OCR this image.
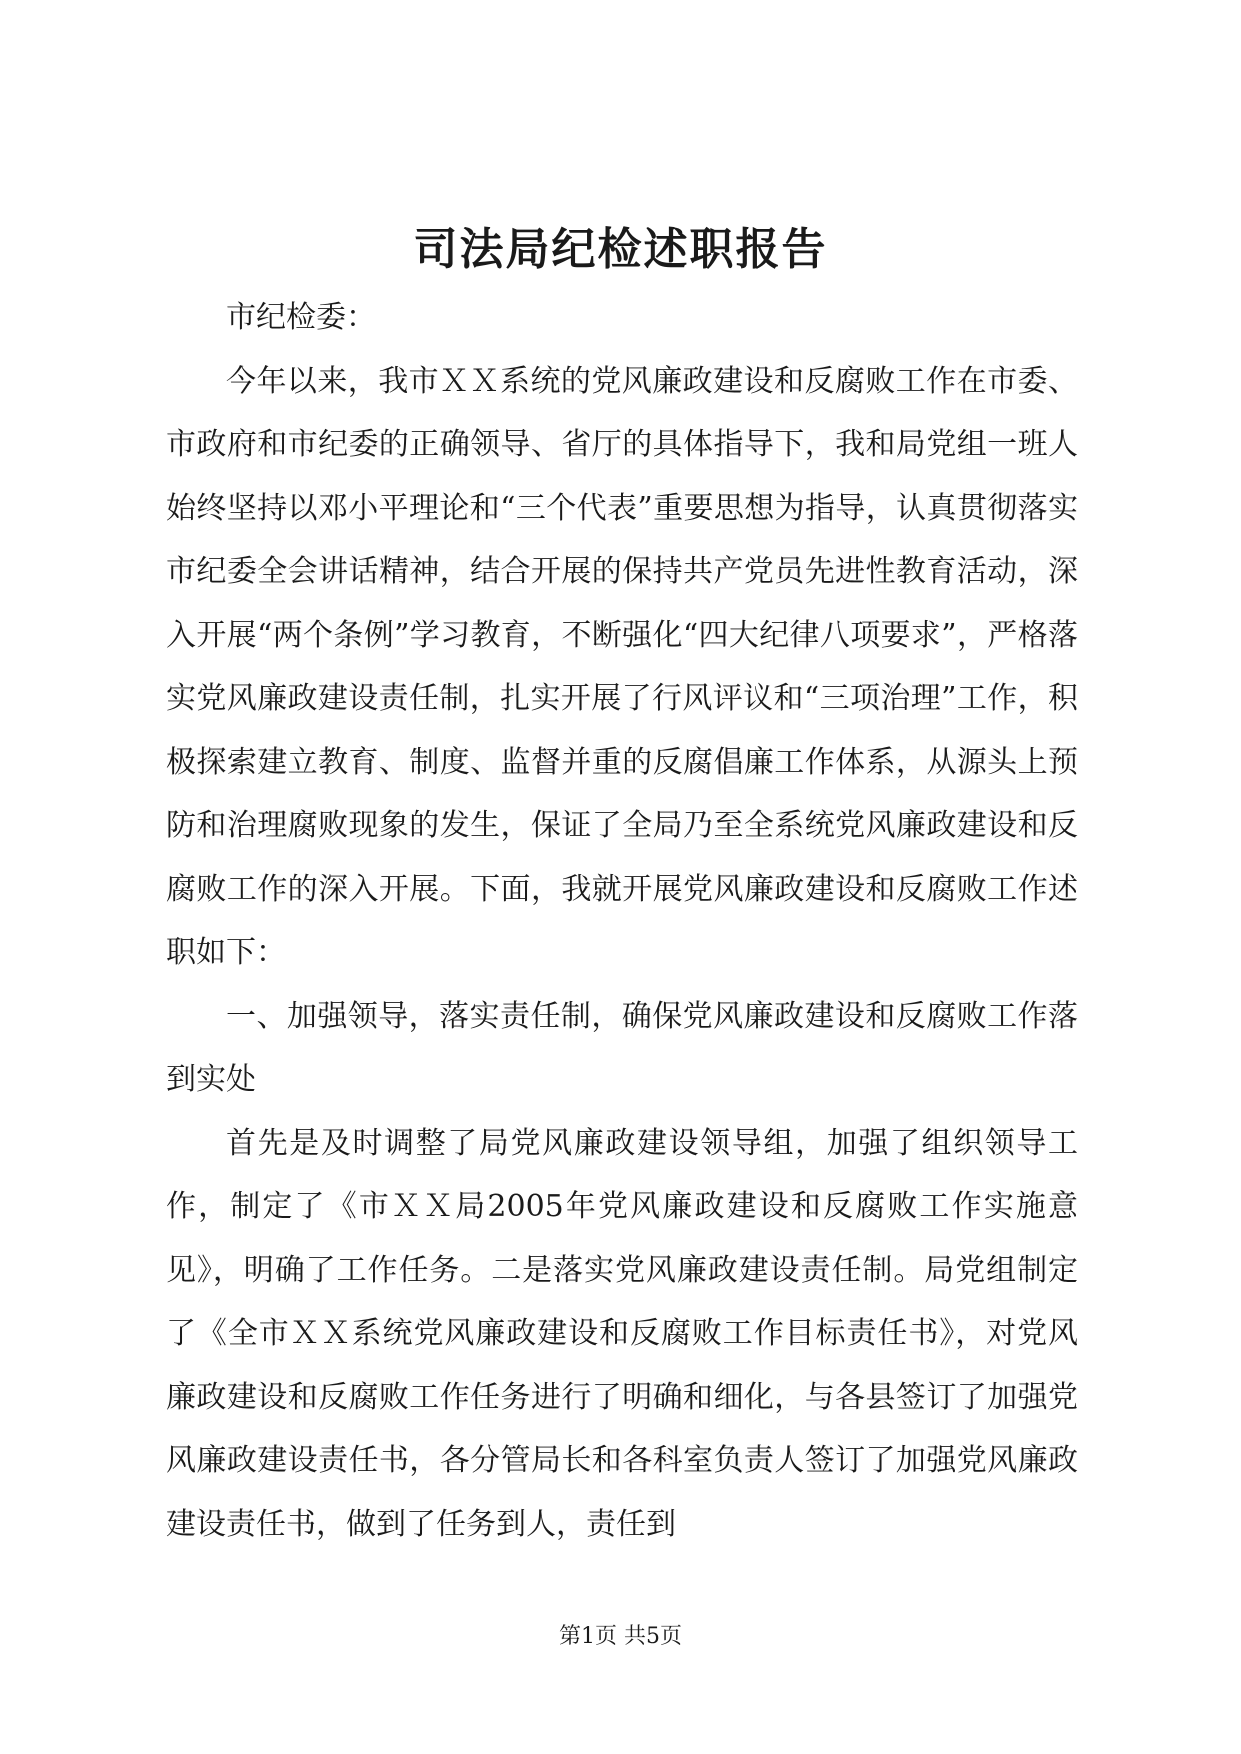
司法局纪检述职报告

市纪检委：

今年以来，我市ＸＸ系统的党风廉政建设和反腐败工作在市委、市政府和市纪委的正确领导、省厅的具体指导下，我和局党组一班人始终坚持以邓小平理论和“三个代表”重要思想为指导，认真贯彻落实市纪委全会讲话精神，结合开展的保持共产党员先进性教育活动，深入开展“两个条例”学习教育，不断强化“四大纪律八项要求”，严格落实党风廉政建设责任制，扎实开展了行风评议和“三项治理”工作，积极探索建立教育、制度、监督并重的反腐倡廉工作体系，从源头上预防和治理腐败现象的发生，保证了全局乃至全系统党风廉政建设和反腐败工作的深入开展。下面，我就开展党风廉政建设和反腐败工作述职如下：

一、加强领导，落实责任制，确保党风廉政建设和反腐败工作落到实处

首先是及时调整了局党风廉政建设领导组，加强了组织领导工作，制定了《市ＸＸ局2005年党风廉政建设和反腐败工作实施意见》，明确了工作任务。二是落实党风廉政建设责任制。局党组制定了《全市ＸＸ系统党风廉政建设和反腐败工作目标责任书》，对党风廉政建设和反腐败工作任务进行了明确和细化，与各县签订了加强党风廉政建设责任书，各分管局长和各科室负责人签订了加强党风廉政建设责任书，做到了任务到人，责任到

第1页 共5页
